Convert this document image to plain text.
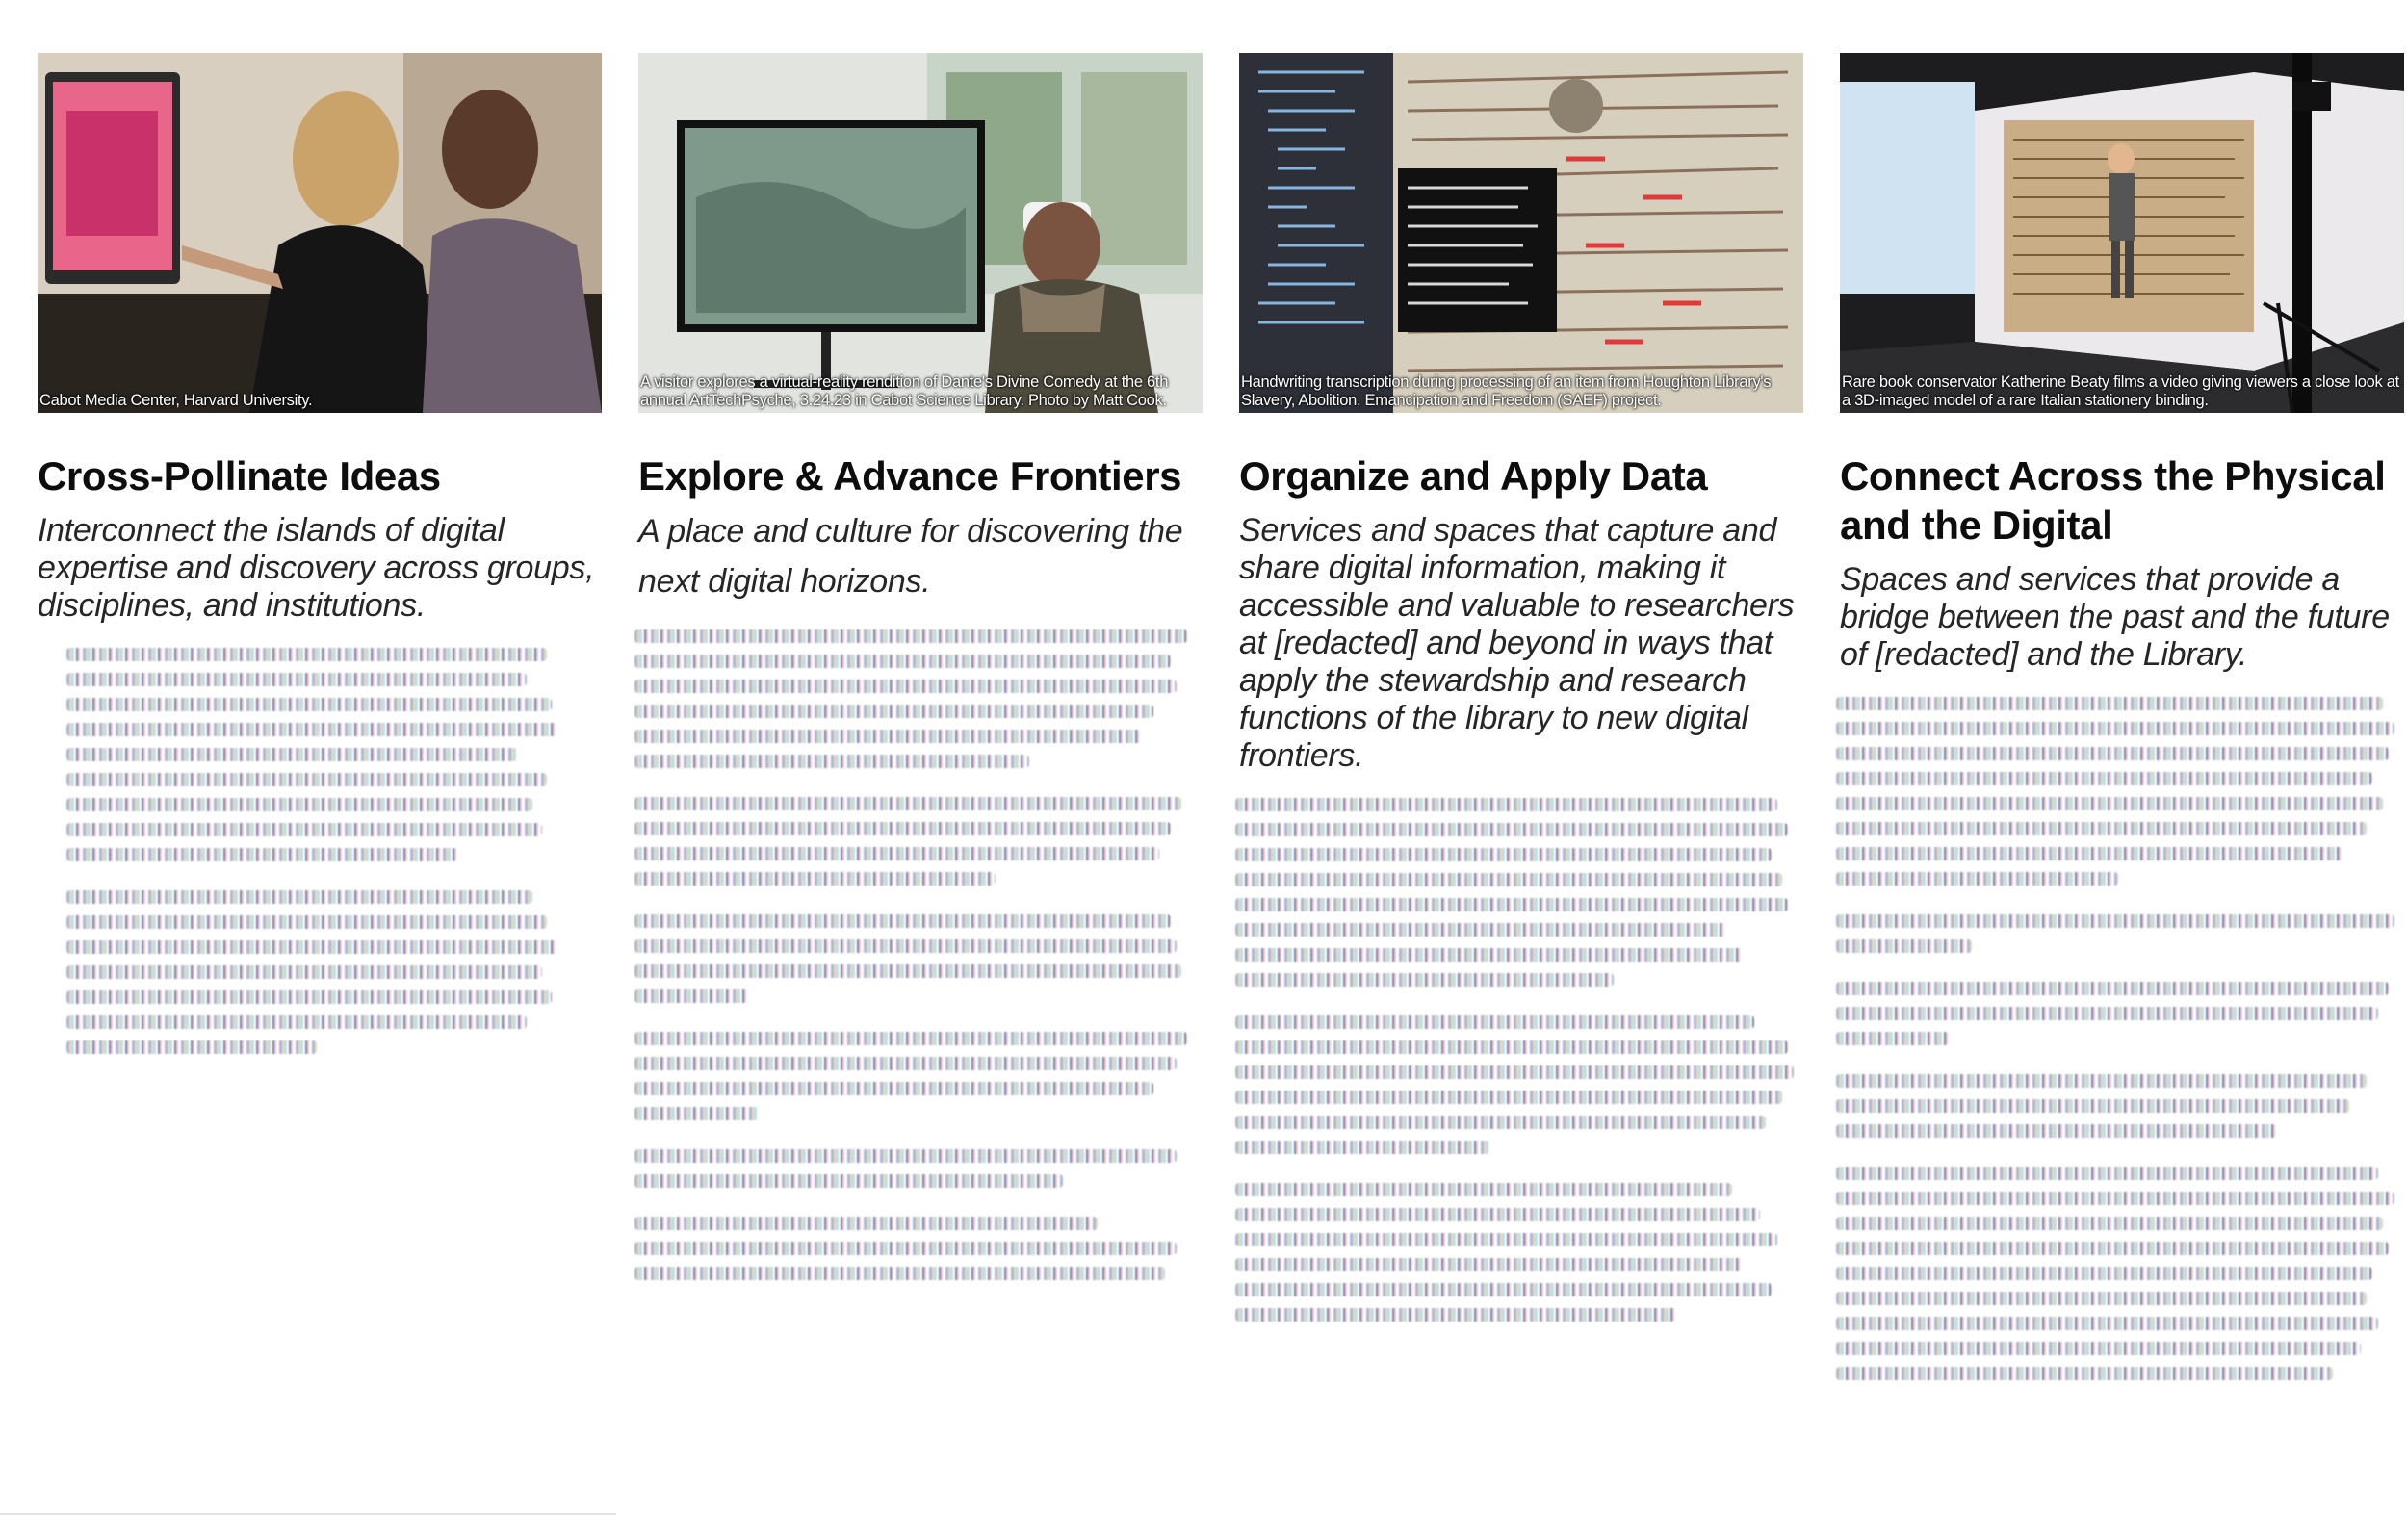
Cabot Media Center, Harvard University.
Cross-Pollinate Ideas

Interconnect the islands of digital expertise and discovery across groups, disciplines, and institutions.

A visitor explores a virtual-reality rendition of Dante's Divine Comedy at the 6th annual ArtTechPsyche, 3.24.23 in Cabot Science Library. Photo by Matt Cook.
Explore & Advance Frontiers

A place and culture for discovering the next digital horizons.

Handwriting transcription during processing of an item from Houghton Library's Slavery, Abolition, Emancipation and Freedom (SAEF) project.
Organize and Apply Data

Services and spaces that capture and share digital information, making it accessible and valuable to researchers at [redacted] and beyond in ways that apply the stewardship and research functions of the library to new digital frontiers.

Rare book conservator Katherine Beaty films a video giving viewers a close look at a 3D-imaged model of a rare Italian stationery binding.
Connect Across the Physical and the Digital

Spaces and services that provide a bridge between the past and the future of [redacted] and the Library.
